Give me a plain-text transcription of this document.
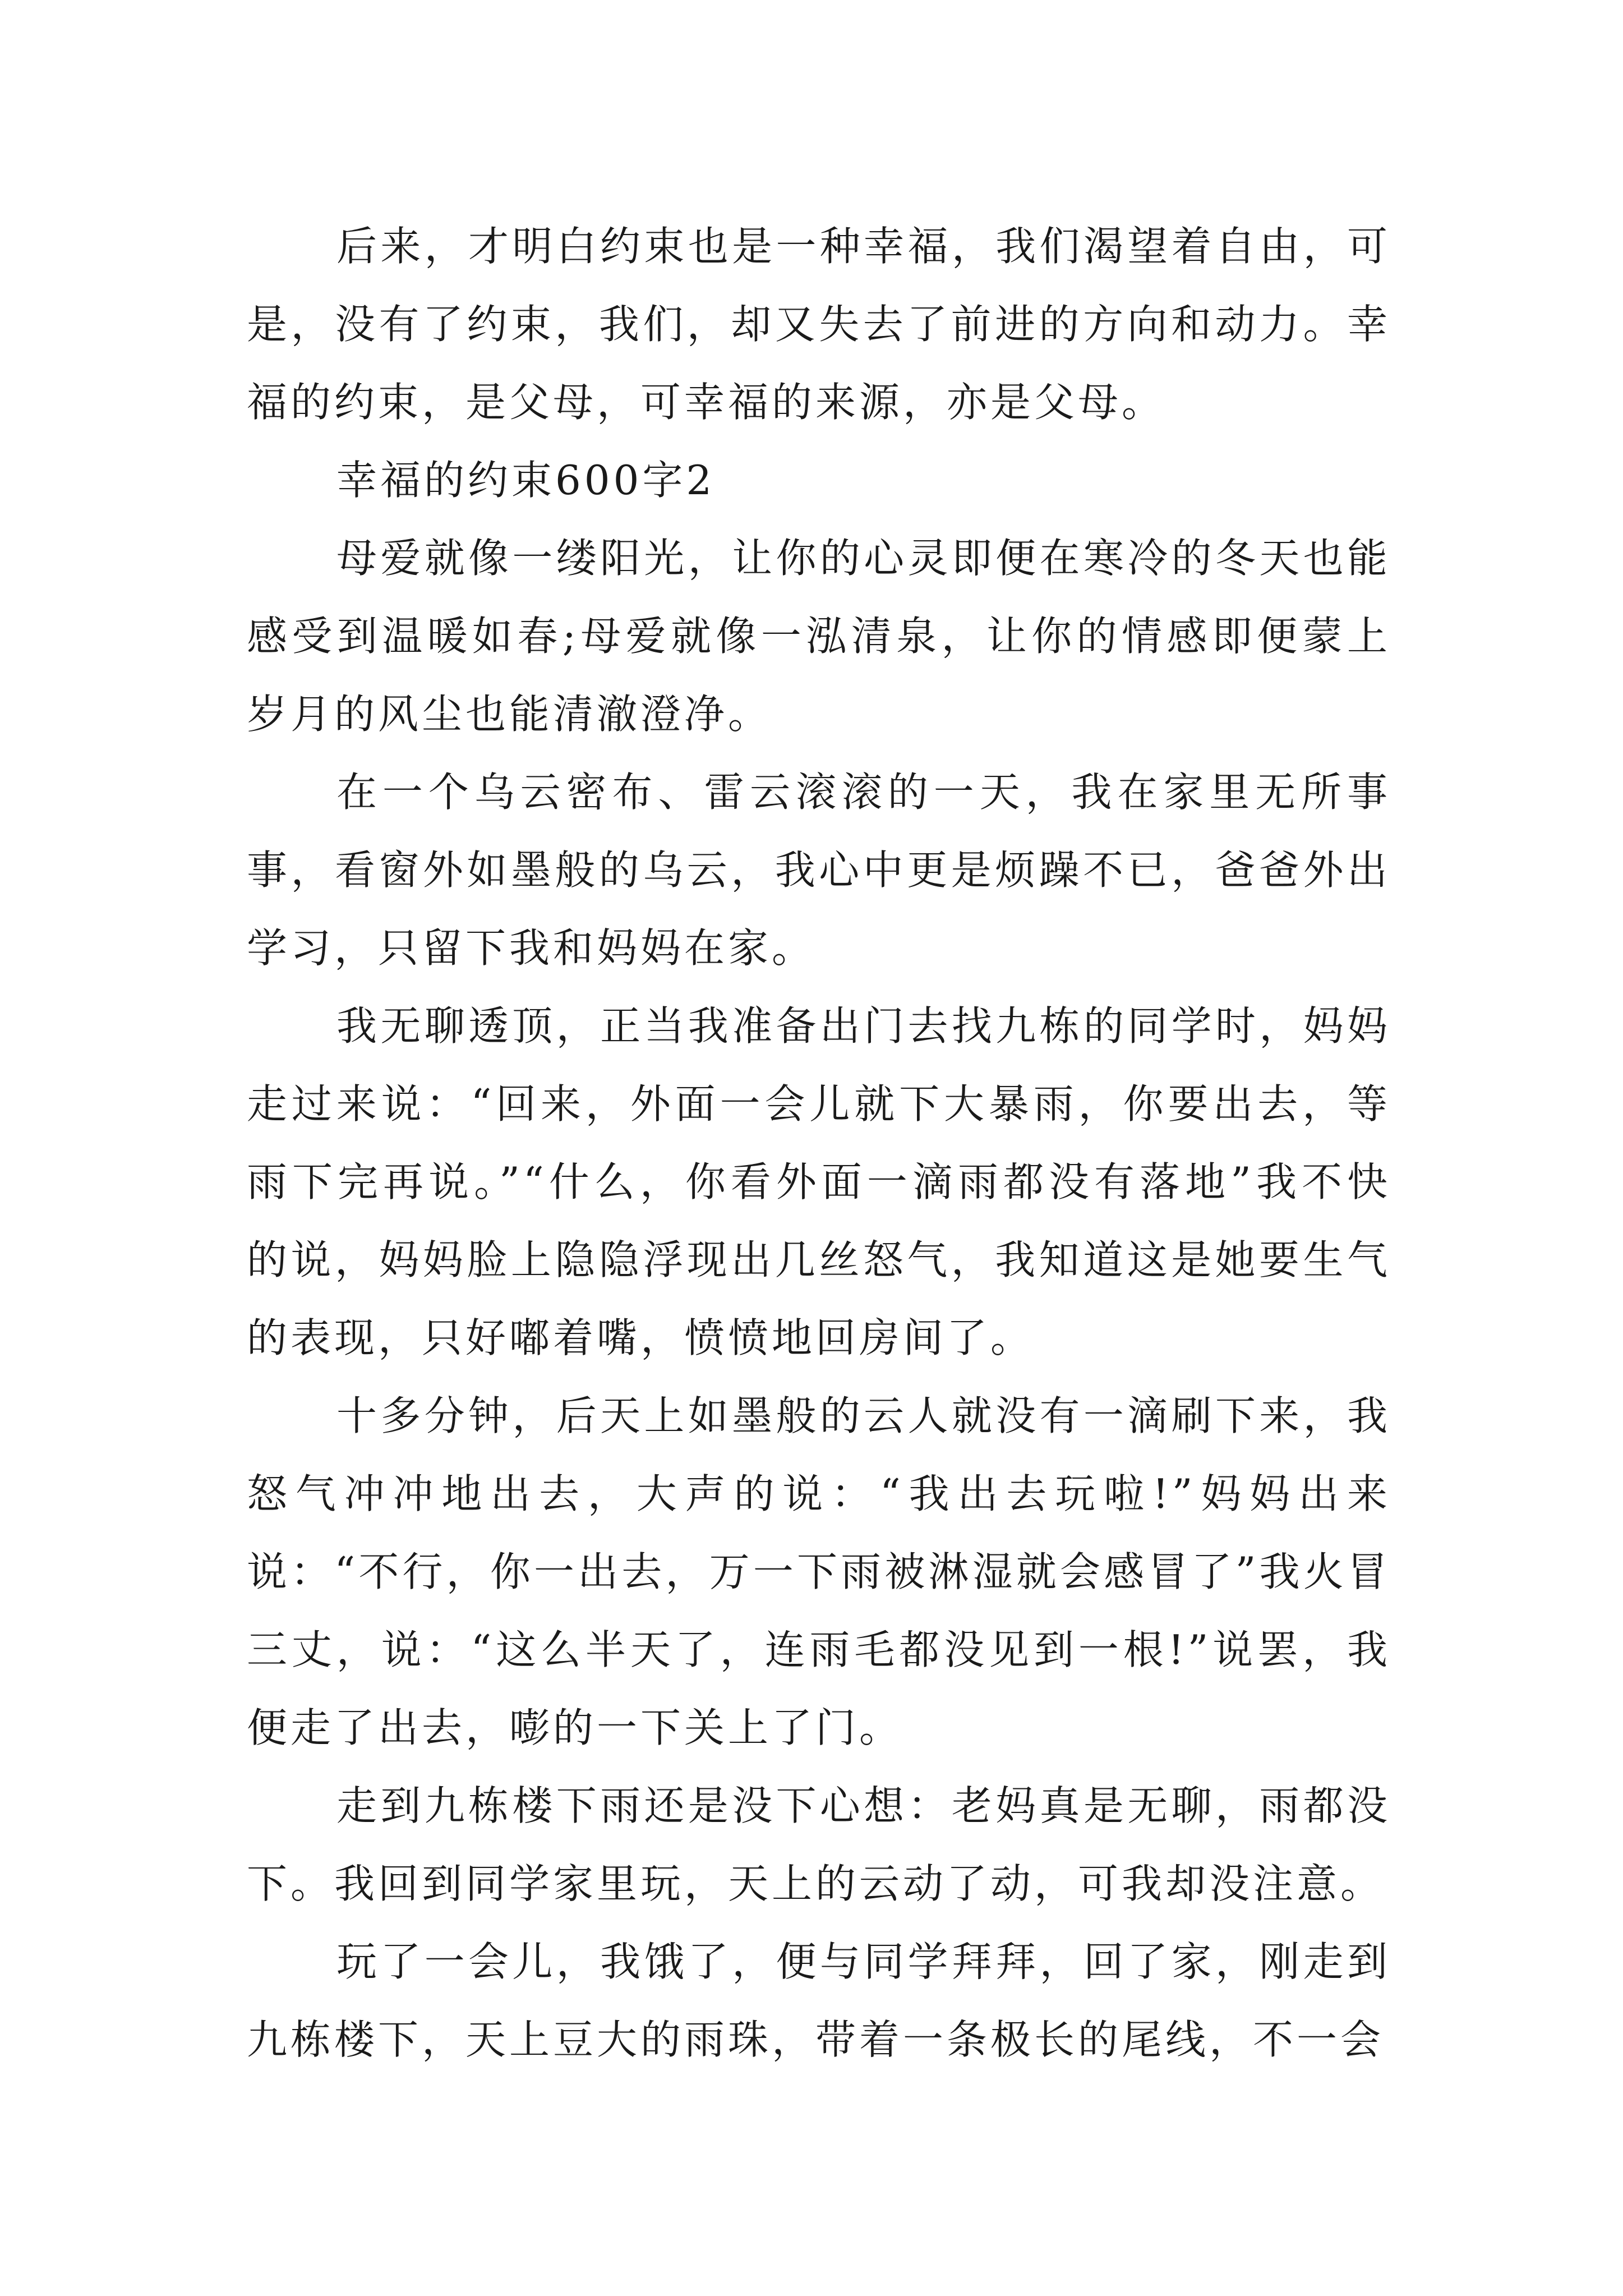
后来，才明白约束也是一种幸福，我们渴望着自由，可是，没有了约束，我们，却又失去了前进的方向和动力。幸福的约束，是父母，可幸福的来源，亦是父母。

幸福的约束600字2

母爱就像一缕阳光，让你的心灵即便在寒冷的冬天也能感受到温暖如春;母爱就像一泓清泉，让你的情感即便蒙上岁月的风尘也能清澈澄净。

在一个乌云密布、雷云滚滚的一天，我在家里无所事事，看窗外如墨般的乌云，我心中更是烦躁不已，爸爸外出学习，只留下我和妈妈在家。

我无聊透顶，正当我准备出门去找九栋的同学时，妈妈走过来说：“回来，外面一会儿就下大暴雨，你要出去，等雨下完再说。”“什么，你看外面一滴雨都没有落地”我不快的说，妈妈脸上隐隐浮现出几丝怒气，我知道这是她要生气的表现，只好嘟着嘴，愤愤地回房间了。

十多分钟，后天上如墨般的云人就没有一滴刷下来，我怒气冲冲地出去，大声的说：“我出去玩啦!”妈妈出来说：“不行，你一出去，万一下雨被淋湿就会感冒了”我火冒三丈，说：“这么半天了，连雨毛都没见到一根!”说罢，我便走了出去，嘭的一下关上了门。

走到九栋楼下雨还是没下心想：老妈真是无聊，雨都没下。我回到同学家里玩，天上的云动了动，可我却没注意。

玩了一会儿，我饿了，便与同学拜拜，回了家，刚走到九栋楼下，天上豆大的雨珠，带着一条极长的尾线，不一会
